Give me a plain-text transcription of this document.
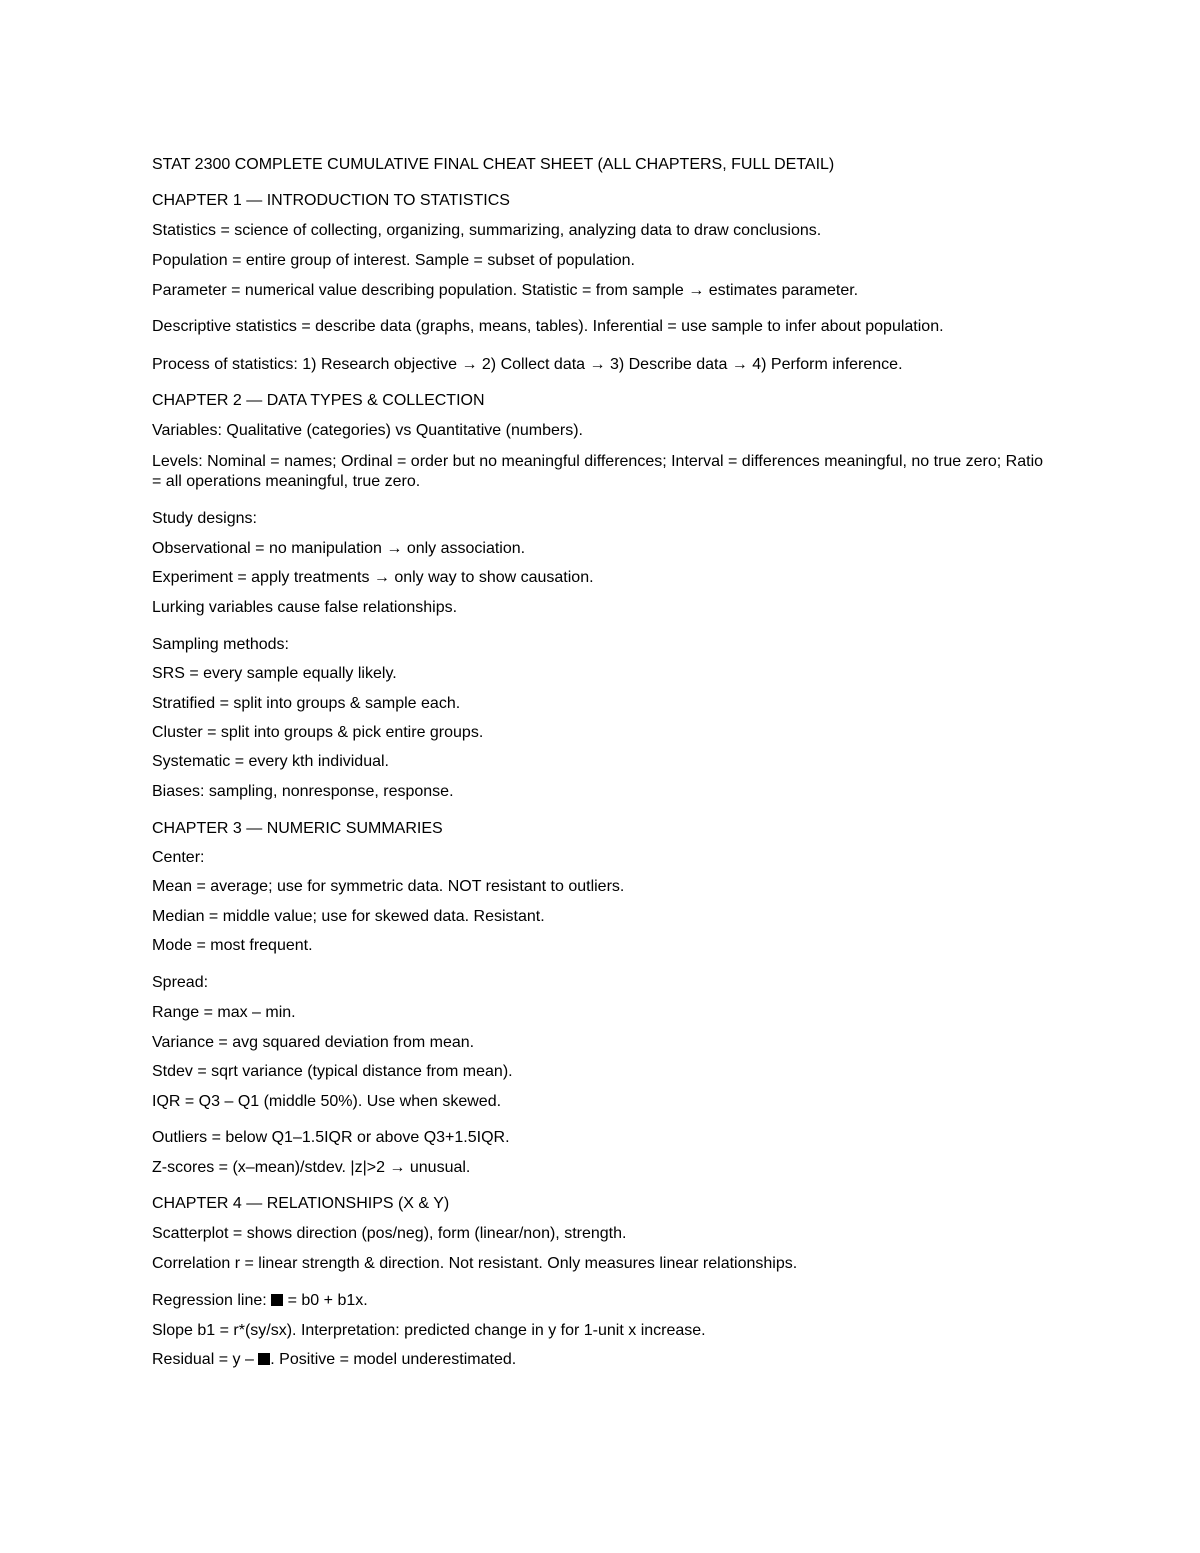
STAT 2300 COMPLETE CUMULATIVE FINAL CHEAT SHEET (ALL CHAPTERS, FULL DETAIL)
CHAPTER 1 — INTRODUCTION TO STATISTICS
Statistics = science of collecting, organizing, summarizing, analyzing data to draw conclusions.
Population = entire group of interest. Sample = subset of population.
Parameter = numerical value describing population. Statistic = from sample → estimates parameter.
Descriptive statistics = describe data (graphs, means, tables). Inferential = use sample to infer about population.
Process of statistics: 1) Research objective → 2) Collect data → 3) Describe data → 4) Perform inference.
CHAPTER 2 — DATA TYPES & COLLECTION
Variables: Qualitative (categories) vs Quantitative (numbers).
Levels: Nominal = names; Ordinal = order but no meaningful differences; Interval = differences meaningful, no true zero; Ratio = all operations meaningful, true zero.
Study designs:
Observational = no manipulation → only association.
Experiment = apply treatments → only way to show causation.
Lurking variables cause false relationships.
Sampling methods:
SRS = every sample equally likely.
Stratified = split into groups & sample each.
Cluster = split into groups & pick entire groups.
Systematic = every kth individual.
Biases: sampling, nonresponse, response.
CHAPTER 3 — NUMERIC SUMMARIES
Center:
Mean = average; use for symmetric data. NOT resistant to outliers.
Median = middle value; use for skewed data. Resistant.
Mode = most frequent.
Spread:
Range = max – min.
Variance = avg squared deviation from mean.
Stdev = sqrt variance (typical distance from mean).
IQR = Q3 – Q1 (middle 50%). Use when skewed.
Outliers = below Q1–1.5IQR or above Q3+1.5IQR.
Z-scores = (x–mean)/stdev. |z|>2 → unusual.
CHAPTER 4 — RELATIONSHIPS (X & Y)
Scatterplot = shows direction (pos/neg), form (linear/non), strength.
Correlation r = linear strength & direction. Not resistant. Only measures linear relationships.
Regression line:  = b0 + b1x.
Slope b1 = r*(sy/sx). Interpretation: predicted change in y for 1-unit x increase.
Residual = y – . Positive = model underestimated.
